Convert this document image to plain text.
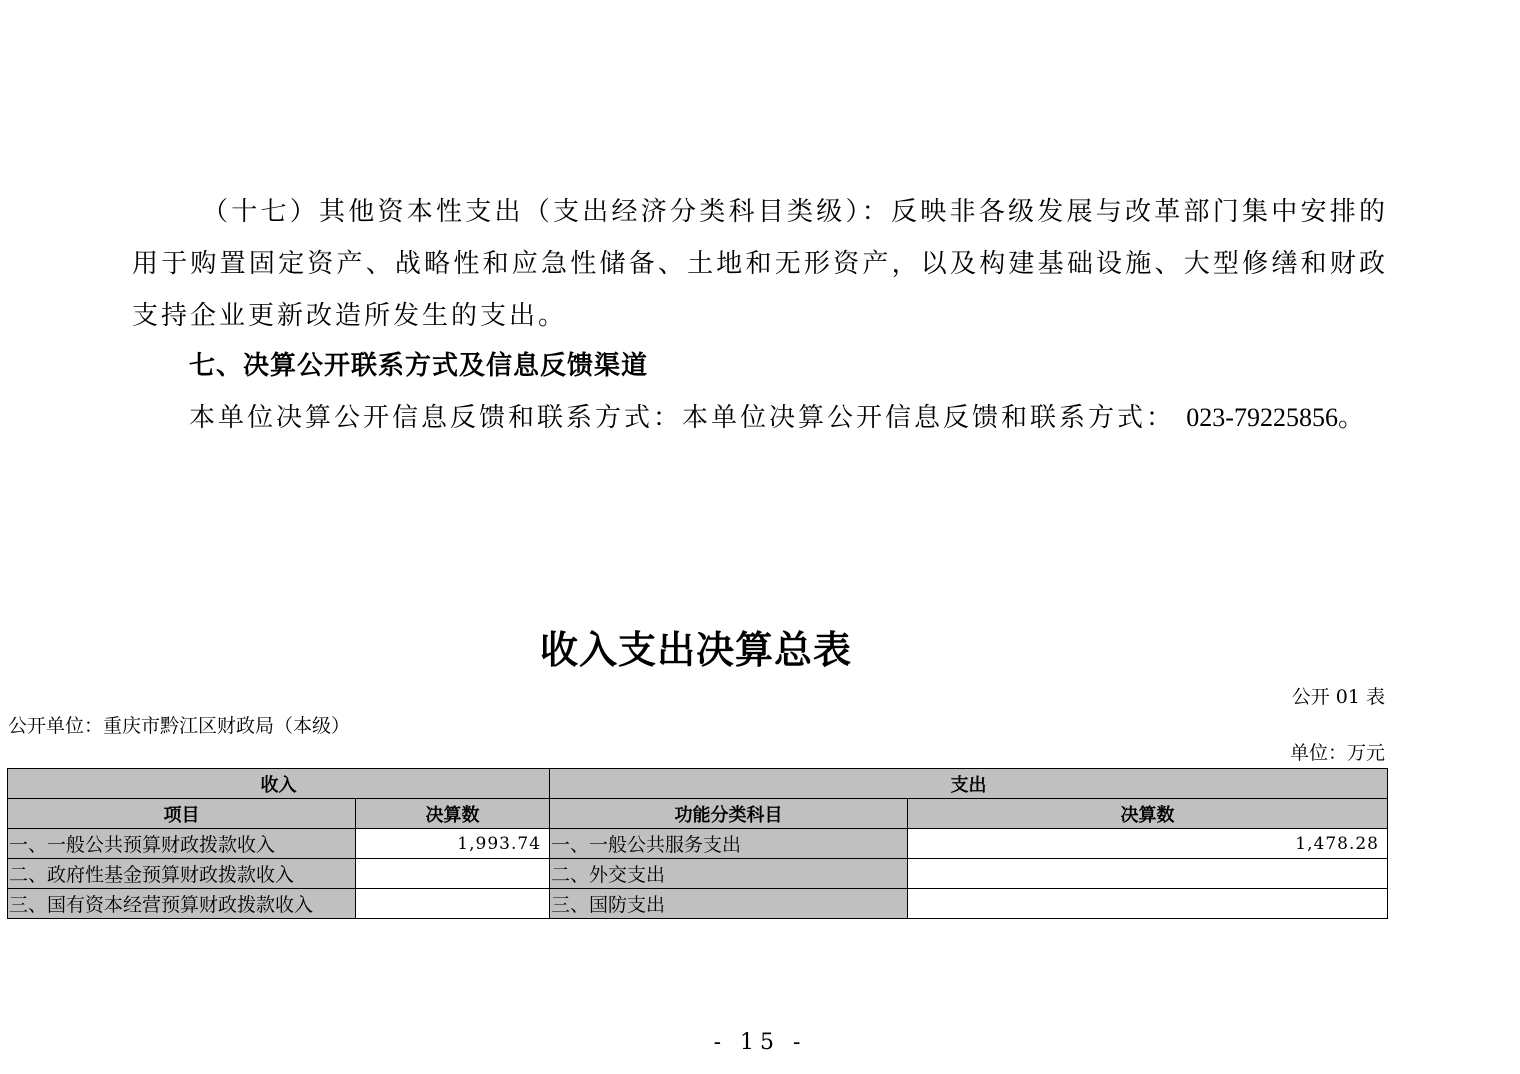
（十七）其他资本性支出（支出经济分类科目类级）：反映非各级发展与改革部门集中安排的用于购置固定资产、战略性和应急性储备、土地和无形资产，以及构建基础设施、大型修缮和财政支持企业更新改造所发生的支出。
七、决算公开联系方式及信息反馈渠道
本单位决算公开信息反馈和联系方式：本单位决算公开信息反馈和联系方式： 023-79225856。
收入支出决算总表
公开 01 表
公开单位：重庆市黔江区财政局（本级）
单位：万元
收入		支出	
项目	决算数	功能分类科目	决算数
一、一般公共预算财政拨款收入	1,993.74	一、一般公共服务支出	1,478.28
二、政府性基金预算财政拨款收入		二、外交支出	
三、国有资本经营预算财政拨款收入		三、国防支出	
- 15 -
